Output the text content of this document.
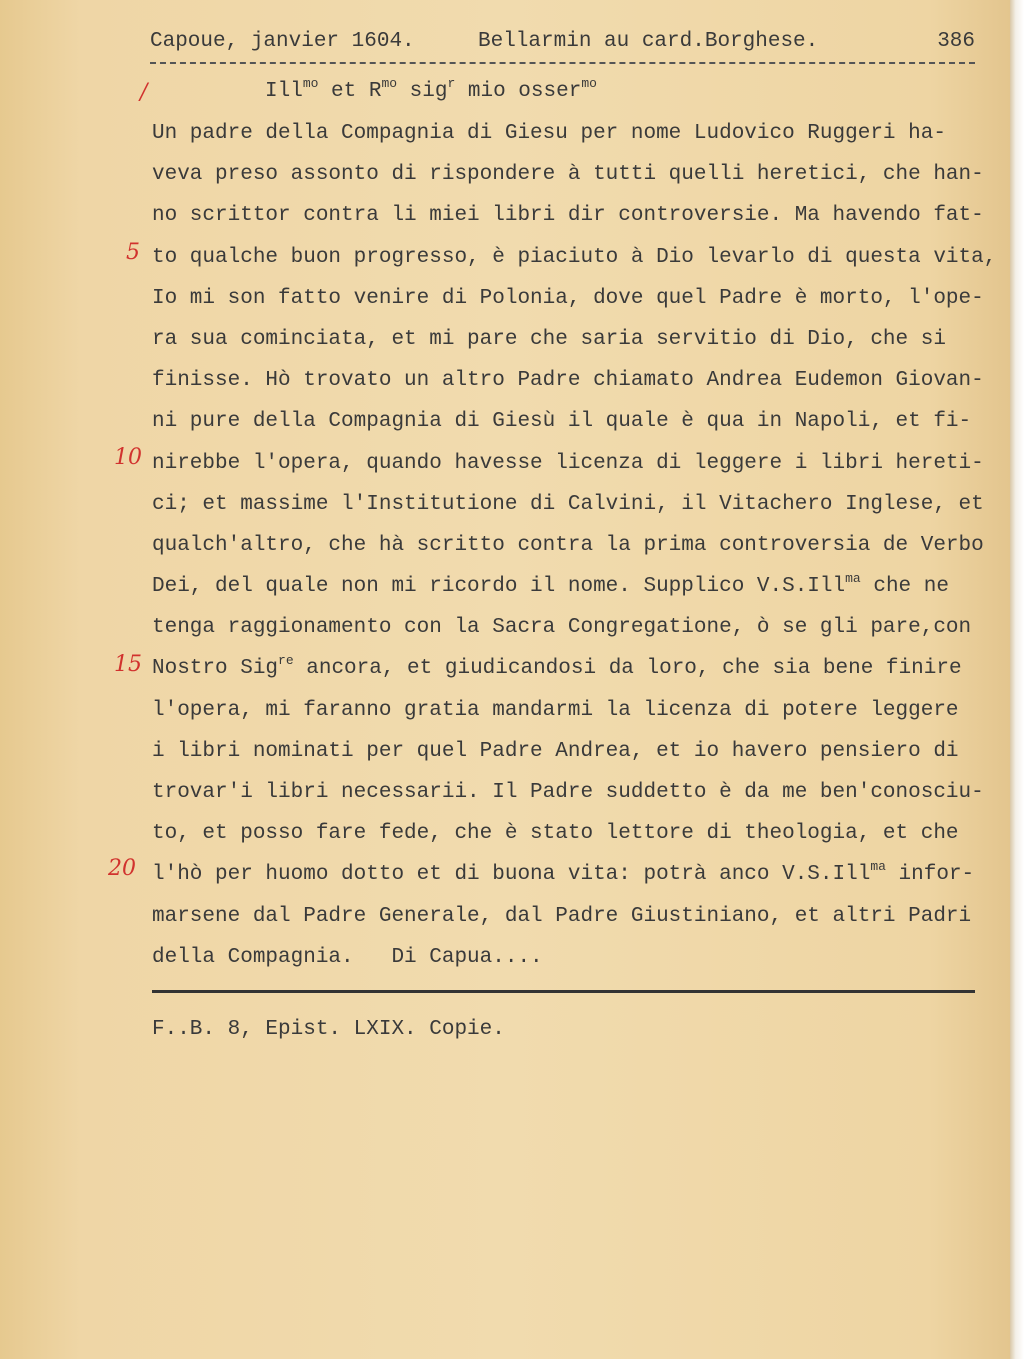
Capoue, janvier 1604.	Bellarmin au card.Borghese.	386
/
5
10
15
20
Ill$^{mo}$ et $R^{mo}$ sig$^r$ mio osser$^{mo}$
Un padre della Compagnia di Giesu per nome Ludovico Ruggeri ha-
veva preso assonto di rispondere à tutti quelli heretici, che han-
no scrittor contra li miei libri dir controversie. Ma havendo fat-
to qualche buon progresso, è piaciuto à Dio levarlo di questa vita,
Io mi son fatto venire di Polonia, dove quel Padre è morto, l'ope-
ra sua cominciata, et mi pare che saria servitio di Dio, che si
finisse. Hò trovato un altro Padre chiamato Andrea Eudemon Giovan-
ni pure della Compagnia di Giesù il quale è qua in Napoli, et fi-
nirebbe l'opera, quando havesse licenza di leggere i libri hereti-
ci; et massime l'Institutione di Calvini, il Vitachero Inglese, et
qualch'altro, che hà scritto contra la prima controversia de Verbo
Dei, del quale non mi ricordo il nome. Supplico V.S.Ill$^{ma}$ che ne
tenga raggionamento con la Sacra Congregatione, ò se gli pare,con
Nostro Sig$^{re}$ ancora, et giudicandosi da loro, che sia bene finire
l'opera, mi faranno gratia mandarmi la licenza di potere leggere
i libri nominati per quel Padre Andrea, et io havero pensiero di
trovar'i libri necessarii. Il Padre suddetto è da me ben'conosciu-
to, et posso fare fede, che è stato lettore di theologia, et che
l'hò per huomo dotto et di buona vita: potrà anco V.S.Ill$^{ma}$ infor-
marsene dal Padre Generale, dal Padre Giustiniano, et altri Padri
della Compagnia.   Di Capua....
F..B. 8, Epist. LXIX. Copie.
